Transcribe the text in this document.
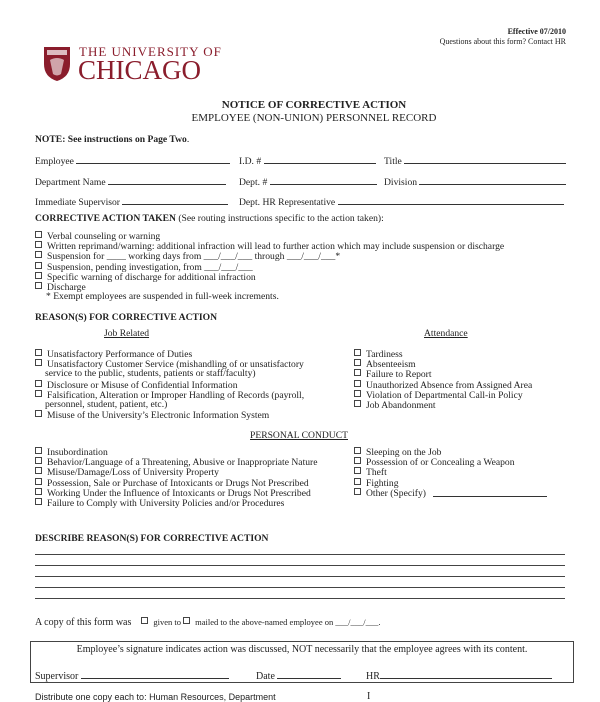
Effective 07/2010
Questions about this form? Contact HR
THE UNIVERSITY OF
CHICAGO
NOTICE OF CORRECTIVE ACTION
EMPLOYEE (NON-UNION) PERSONNEL RECORD
NOTE: See instructions on Page Two.
Employee	I.D. #	Title
Department Name	Dept. #	Division
Immediate Supervisor	Dept. HR Representative
CORRECTIVE ACTION TAKEN (See routing instructions specific to the action taken):
Verbal counseling or warning
Written reprimand/warning: additional infraction will lead to further action which may include suspension or discharge
Suspension for ____ working days from ___/___/___ through ___/___/___*
Suspension, pending investigation, from ___/___/___
Specific warning of discharge for additional infraction
Discharge
* Exempt employees are suspended in full-week increments.
REASON(S) FOR CORRECTIVE ACTION
Job Related	Attendance
Unsatisfactory Performance of Duties
Unsatisfactory Customer Service (mishandling of or unsatisfactory
service to the public, students, patients or staff/faculty)
Disclosure or Misuse of Confidential Information
Falsification, Alteration or Improper Handling of Records (payroll,
personnel, student, patient, etc.)
Misuse of the University’s Electronic Information System
Tardiness
Absenteeism
Failure to Report
Unauthorized Absence from Assigned Area
Violation of Departmental Call-in Policy
Job Abandonment
PERSONAL CONDUCT
Insubordination
Behavior/Language of a Threatening, Abusive or Inappropriate Nature
Misuse/Damage/Loss of University Property
Possession, Sale or Purchase of Intoxicants or Drugs Not Prescribed
Working Under the Influence of Intoxicants or Drugs Not Prescribed
Failure to Comply with University Policies and/or Procedures
Sleeping on the Job
Possession of or Concealing a Weapon
Theft
Fighting
Other (Specify)
DESCRIBE REASON(S) FOR CORRECTIVE ACTION
A copy of this form was	given to mailed to the above-named employee on ___/___/___.
Employee’s signature indicates action was discussed, NOT necessarily that the employee agrees with its content.
Supervisor	Date	HR
Distribute one copy each to: Human Resources, Department	I
